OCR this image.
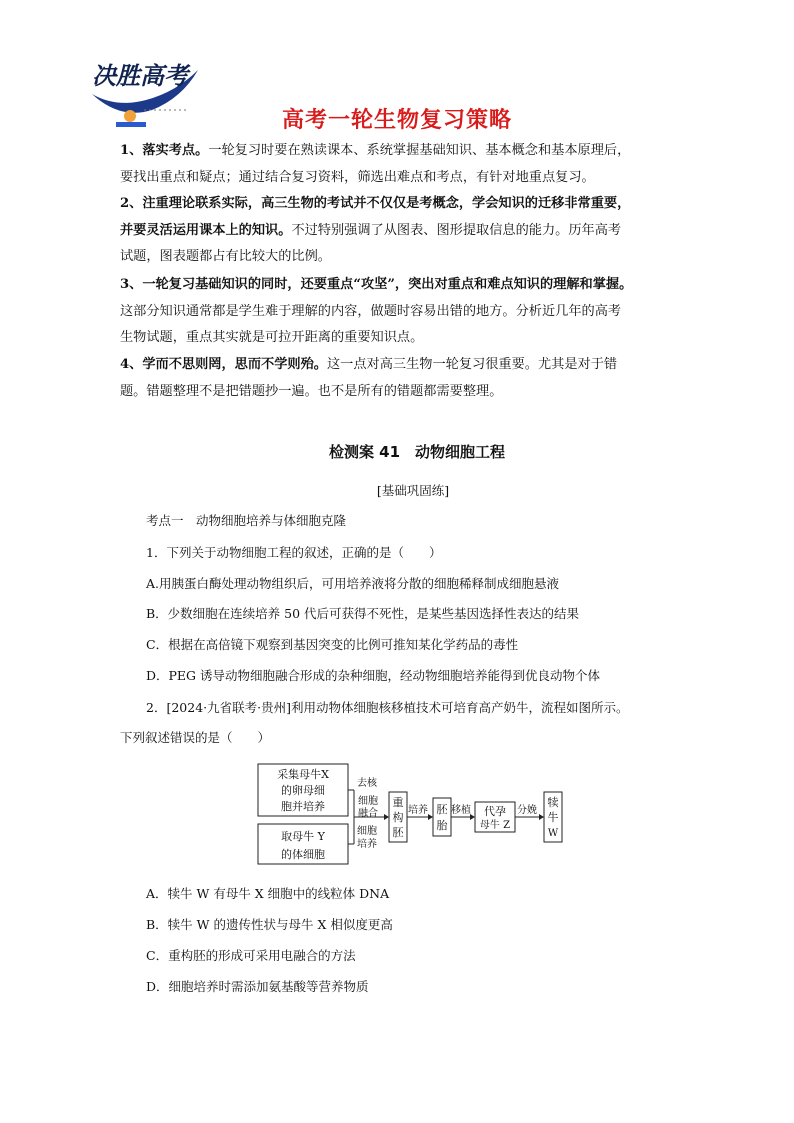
决胜高考
高考一轮生物复习策略
1、落实考点。一轮复习时要在熟读课本、系统掌握基础知识、基本概念和基本原理后，
要找出重点和疑点；通过结合复习资料，筛选出难点和考点，有针对地重点复习。
2、注重理论联系实际，高三生物的考试并不仅仅是考概念，学会知识的迁移非常重要，
并要灵活运用课本上的知识。不过特别强调了从图表、图形提取信息的能力。历年高考
试题，图表题都占有比较大的比例。
3、一轮复习基础知识的同时，还要重点“攻坚”，突出对重点和难点知识的理解和掌握。
这部分知识通常都是学生难于理解的内容，做题时容易出错的地方。分析近几年的高考
生物试题，重点其实就是可拉开距离的重要知识点。
4、学而不思则罔，思而不学则殆。这一点对高三生物一轮复习很重要。尤其是对于错
题。错题整理不是把错题抄一遍。也不是所有的错题都需要整理。
检测案 41　动物细胞工程
[基础巩固练]
考点一　动物细胞培养与体细胞克隆
1．下列关于动物细胞工程的叙述，正确的是（　　）
A.用胰蛋白酶处理动物组织后，可用培养液将分散的细胞稀释制成细胞悬液
B．少数细胞在连续培养 50 代后可获得不死性，是某些基因选择性表达的结果
C．根据在高倍镜下观察到基因突变的比例可推知某化学药品的毒性
D．PEG 诱导动物细胞融合形成的杂种细胞，经动物细胞培养能得到优良动物个体
2．[2024·九省联考·贵州]利用动物体细胞核移植技术可培育高产奶牛，流程如图所示。
下列叙述错误的是（　　）
采集母牛X
的卵母细
胞并培养
取母牛 Y
的体细胞
去核
细胞
培养
细胞
融合
重
构
胚
培养 胚
胎
移植 代孕
母牛 Z
分娩
犊
牛
W
A．犊牛 W 有母牛 X 细胞中的线粒体 DNA
B．犊牛 W 的遗传性状与母牛 X 相似度更高
C．重构胚的形成可采用电融合的方法
D．细胞培养时需添加氨基酸等营养物质
